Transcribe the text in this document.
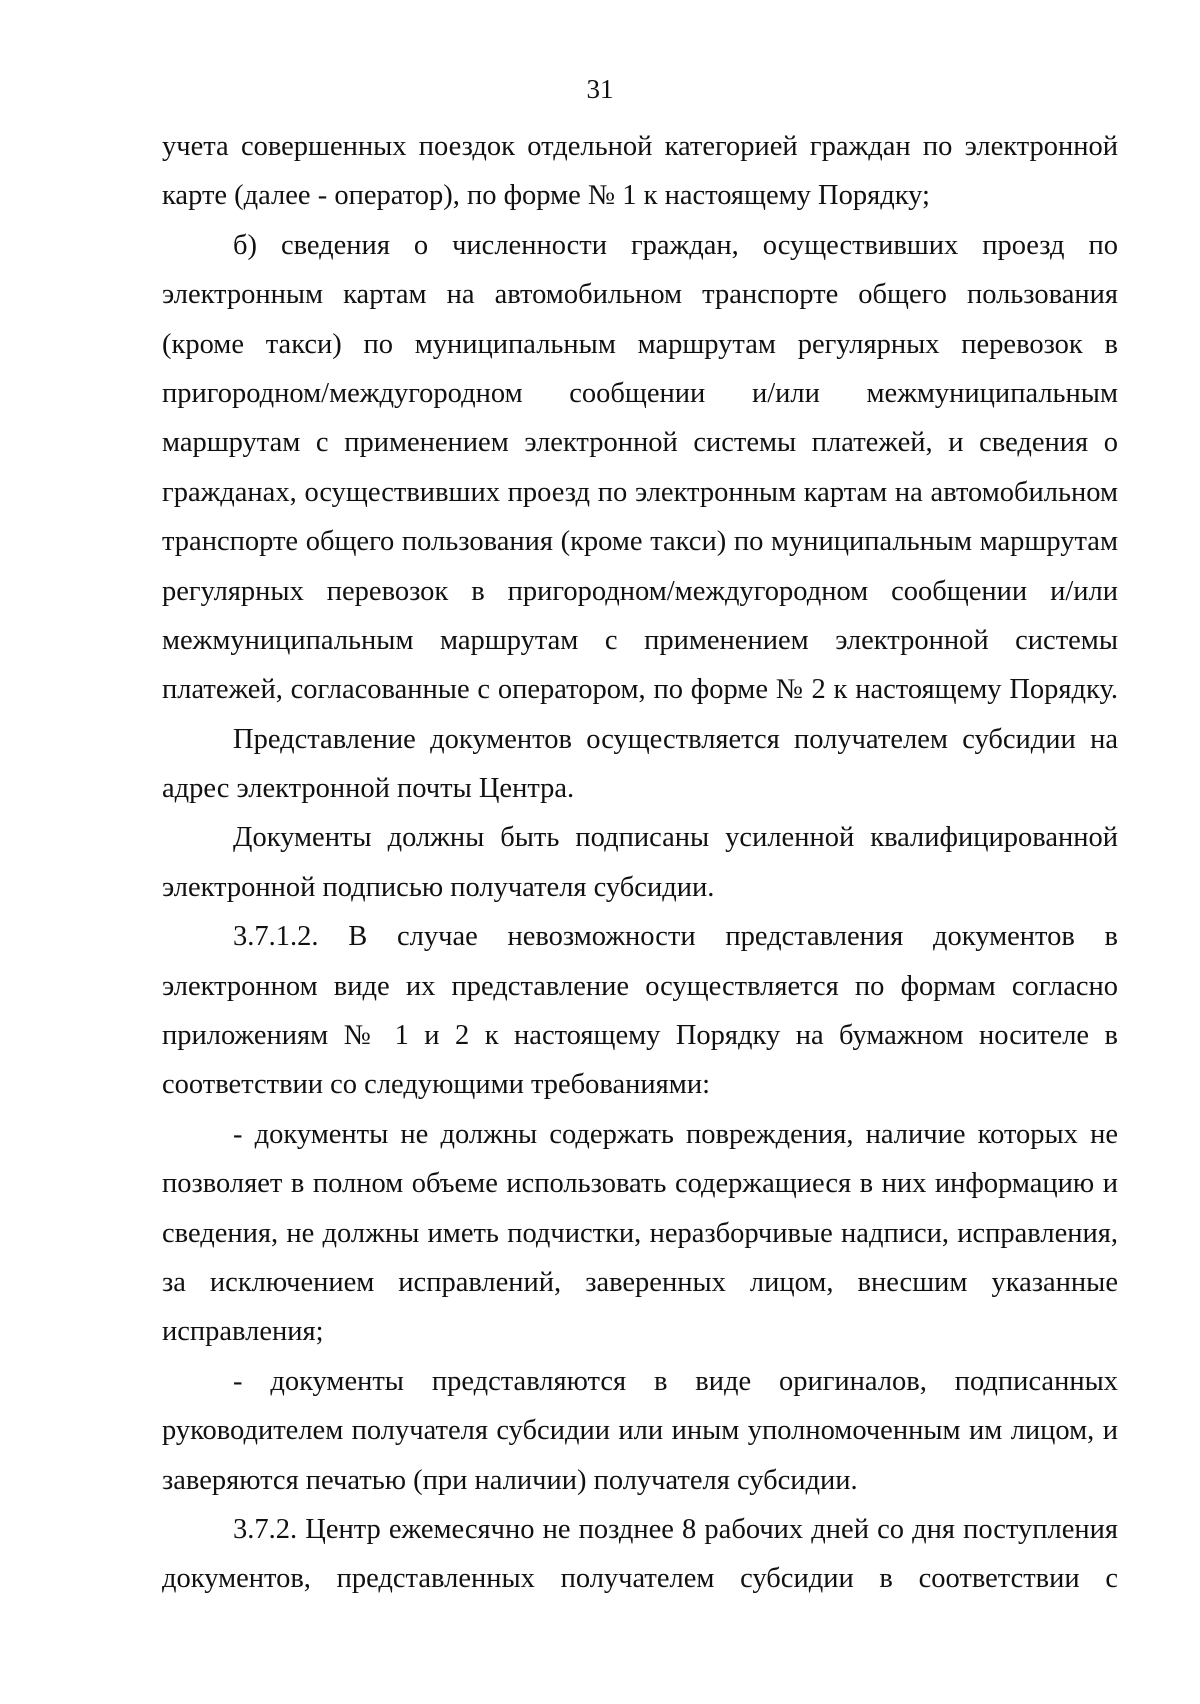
31
учета совершенных поездок отдельной категорией граждан по электронной
карте (далее - оператор), по форме № 1 к настоящему Порядку;
б) сведения о численности граждан, осуществивших проезд по
электронным картам на автомобильном транспорте общего пользования
(кроме такси) по муниципальным маршрутам регулярных перевозок в
пригородном/междугородном сообщении и/или межмуниципальным
маршрутам с применением электронной системы платежей, и сведения о
гражданах, осуществивших проезд по электронным картам на автомобильном
транспорте общего пользования (кроме такси) по муниципальным маршрутам
регулярных перевозок в пригородном/междугородном сообщении и/или
межмуниципальным маршрутам с применением электронной системы
платежей, согласованные с оператором, по форме № 2 к настоящему Порядку.
Представление документов осуществляется получателем субсидии на
адрес электронной почты Центра.
Документы должны быть подписаны усиленной квалифицированной
электронной подписью получателя субсидии.
3.7.1.2. В случае невозможности представления документов в
электронном виде их представление осуществляется по формам согласно
приложениям № 1 и 2 к настоящему Порядку на бумажном носителе в
соответствии со следующими требованиями:
- документы не должны содержать повреждения, наличие которых не
позволяет в полном объеме использовать содержащиеся в них информацию и
сведения, не должны иметь подчистки, неразборчивые надписи, исправления,
за исключением исправлений, заверенных лицом, внесшим указанные
исправления;
- документы представляются в виде оригиналов, подписанных
руководителем получателя субсидии или иным уполномоченным им лицом, и
заверяются печатью (при наличии) получателя субсидии.
3.7.2. Центр ежемесячно не позднее 8 рабочих дней со дня поступления
документов, представленных получателем субсидии в соответствии с
